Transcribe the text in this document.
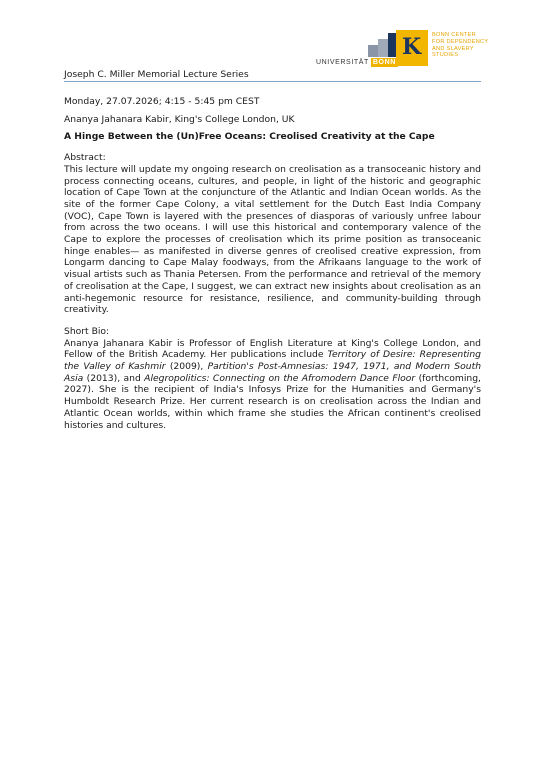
UNIVERSITÄT BONN
K BONN CENTER
FOR DEPENDENCY
AND SLAVERY
STUDIES
Joseph C. Miller Memorial Lecture Series

Monday, 27.07.2026; 4:15 - 5:45 pm CEST

Ananya Jahanara Kabir, King's College London, UK

A Hinge Between the (Un)Free Oceans: Creolised Creativity at the Cape

Abstract:

This lecture will update my ongoing research on creolisation as a transoceanic history and process connecting oceans, cultures, and people, in light of the historic and geographic location of Cape Town at the conjuncture of the Atlantic and Indian Ocean worlds. As the site of the former Cape Colony, a vital settlement for the Dutch East India Company (VOC), Cape Town is layered with the presences of diasporas of variously unfree labour from across the two oceans. I will use this historical and contemporary valence of the Cape to explore the processes of creolisation which its prime position as transoceanic hinge enables— as manifested in diverse genres of creolised creative expression, from Longarm dancing to Cape Malay foodways, from the Afrikaans language to the work of visual artists such as Thania Petersen. From the performance and retrieval of the memory of creolisation at the Cape, I suggest, we can extract new insights about creolisation as an anti-hegemonic resource for resistance, resilience, and community-building through creativity.

Short Bio:

Ananya Jahanara Kabir is Professor of English Literature at King's College London, and Fellow of the British Academy. Her publications include Territory of Desire: Representing the Valley of Kashmir (2009), Partition's Post-Amnesias: 1947, 1971, and Modern South Asia (2013), and Alegropolitics: Connecting on the Afromodern Dance Floor (forthcoming, 2027). She is the recipient of India's Infosys Prize for the Humanities and Germany's Humboldt Research Prize. Her current research is on creolisation across the Indian and Atlantic Ocean worlds, within which frame she studies the African continent's creolised histories and cultures.
